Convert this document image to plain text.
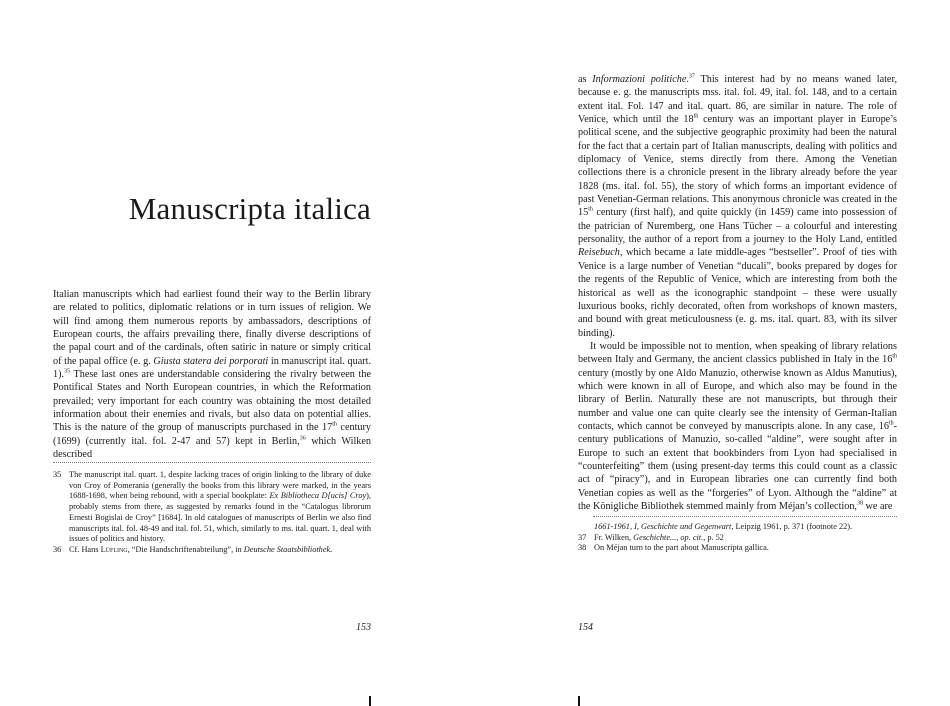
Manuscripta italica

Italian manuscripts which had earliest found their way to the Berlin library are related to politics, diplomatic relations or in turn issues of religion. We will find among them numerous reports by ambassadors, descriptions of European courts, the affairs prevailing there, finally diverse descriptions of the papal court and of the cardinals, often satiric in nature or simply critical of the papal office (e. g. Giusta statera dei porporati in manuscript ital. quart. 1).$^{35}$ These last ones are understandable considering the rivalry between the Pontifical States and North European countries, in which the Reformation prevailed; very important for each country was obtaining the most detailed information about their enemies and rivals, but also data on potential allies. This is the nature of the group of manuscripts purchased in the 17th century (1699) (currently ital. fol. 2-47 and 57) kept in Berlin,$^{36}$ which Wilken described

35 The manuscript ital. quart. 1, despite lacking traces of origin linking to the library of duke von Croy of Pomerania (generally the books from this library were marked, in the years 1688-1698, when being rebound, with a special bookplate: Ex Bibliotheca D[ucis] Croy), probably stems from there, as suggested by remarks found in the “Catalogus librorum Ernesti Bogislai de Croy” [1684]. In old catalogues of manuscripts of Berlin we also find manuscripts ital. fol. 48-49 and ital. fol. 51, which, similarly to ms. ital. quart. 1, deal with issues of politics and history.
36 Cf. Hans Lüfling, “Die Handschriftenabteilung”, in Deutsche Staatsbibliothek.
153

as Informazioni politiche.$^{37}$ This interest had by no means waned later, because e. g. the manuscripts mss. ital. fol. 49, ital. fol. 148, and to a certain extent ital. Fol. 147 and ital. quart. 86, are similar in nature. The role of Venice, which until the 18th century was an important player in Europe’s political scene, and the subjective geographic proximity had been the natural for the fact that a certain part of Italian manuscripts, dealing with politics and diplomacy of Venice, stems directly from there. Among the Venetian collections there is a chronicle present in the library already before the year 1828 (ms. ital. fol. 55), the story of which forms an important evidence of past Venetian-German relations. This anonymous chronicle was created in the 15th century (first half), and quite quickly (in 1459) came into possession of the patrician of Nuremberg, one Hans Tücher – a colourful and interesting personality, the author of a report from a journey to the Holy Land, entitled Reisebuch, which became a late middle-ages “bestseller”. Proof of ties with Venice is a large number of Venetian “ducali”, books prepared by doges for the regents of the Republic of Venice, which are interesting from both the historical as well as the iconographic standpoint – these were usually luxurious books, richly decorated, often from workshops of known masters, and bound with great meticulousness (e. g. ms. ital. quart. 83, with its silver binding).

It would be impossible not to mention, when speaking of library relations between Italy and Germany, the ancient classics published in Italy in the 16th century (mostly by one Aldo Manuzio, otherwise known as Aldus Manutius), which were known in all of Europe, and which also may be found in the library of Berlin. Naturally these are not manuscripts, but through their number and value one can quite clearly see the intensity of German-Italian contacts, which cannot be conveyed by manuscripts alone. In any case, 16th-century publications of Manuzio, so-called “aldine”, were sought after in Europe to such an extent that bookbinders from Lyon had specialised in “counterfeiting” them (using present-day terms this could count as a classic act of “piracy”), and in European libraries one can currently find both Venetian copies as well as the “forgeries” of Lyon. Although the “aldine” at the Königliche Bibliothek stemmed mainly from Méjan’s collection,$^{38}$ we are

1661-1961, I, Geschichte und Gegenwart, Leipzig 1961, p. 371 (footnote 22).
37 Fr. Wilken, Geschichte..., op. cit., p. 52
38 On Méjan turn to the part about Manuscripta gallica.
154
